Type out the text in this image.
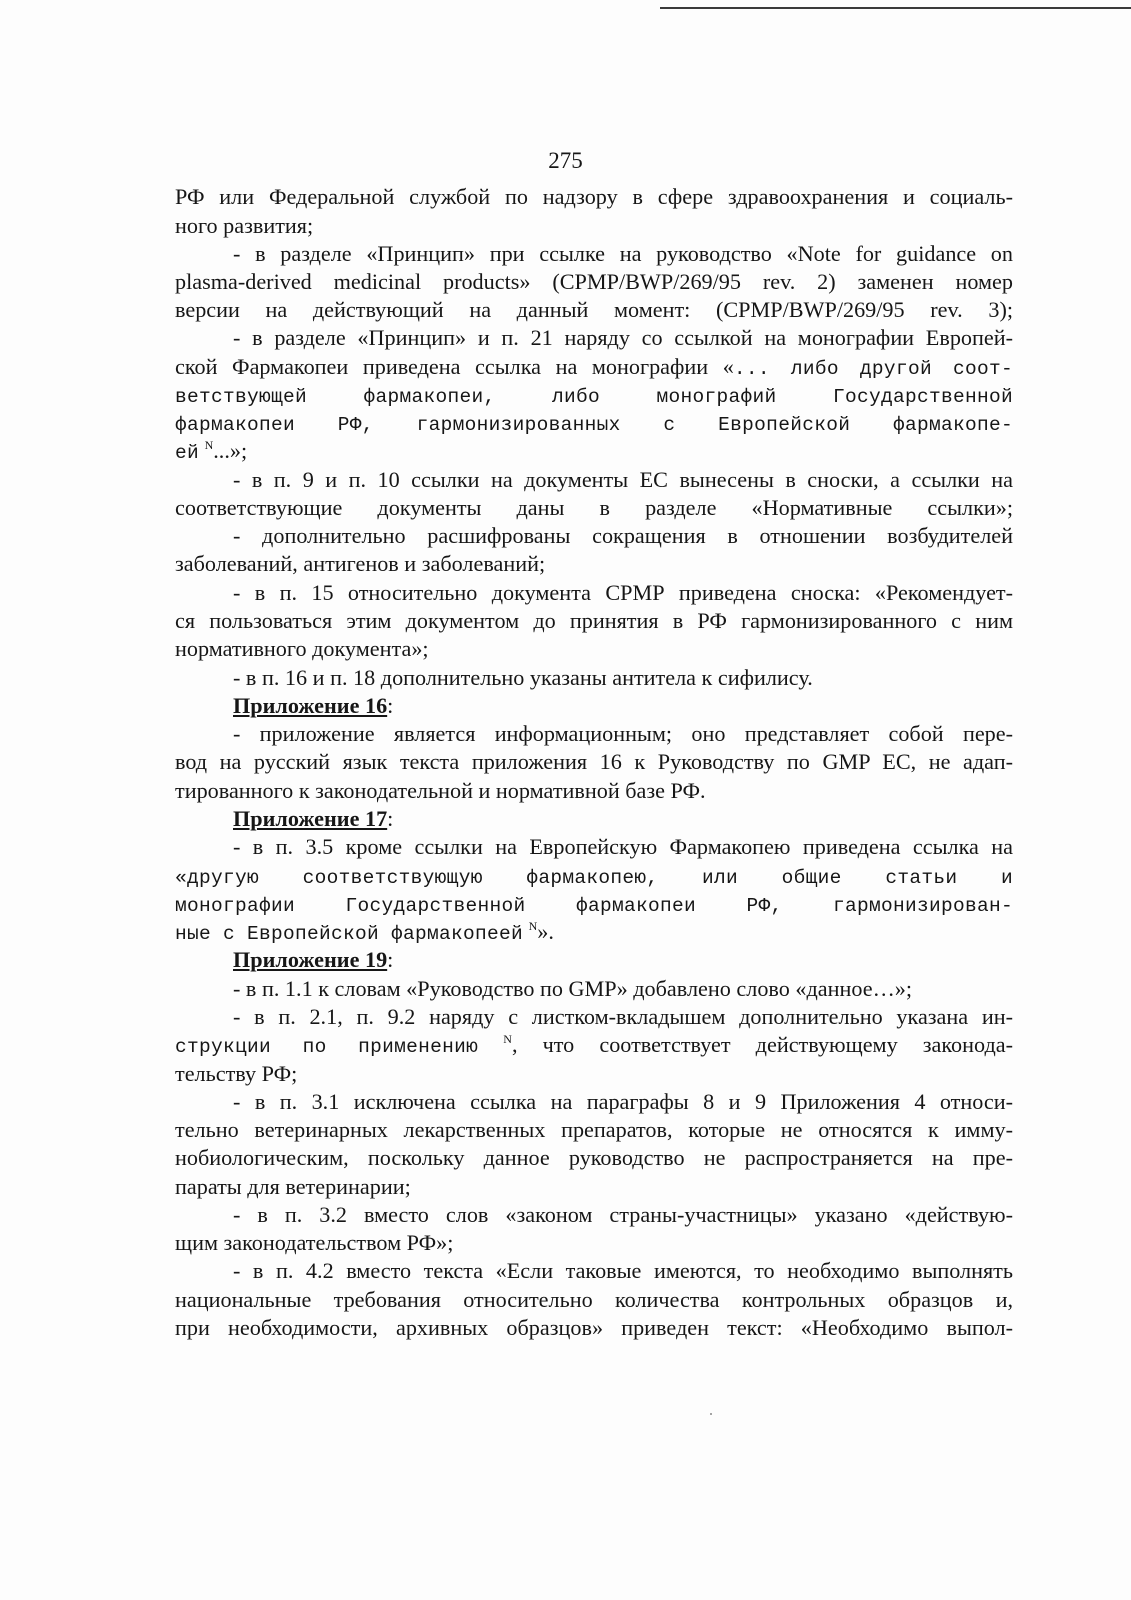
275
РФ или Федеральной службой по надзору в сфере здравоохранения и социаль-
ного развития;
- в разделе «Принцип» при ссылке на руководство «Note for guidance on
plasma-derived medicinal products» (CPMP/BWP/269/95 rev. 2) заменен номер
версии на действующий на данный момент: (CPMP/BWP/269/95 rev. 3);
- в разделе «Принцип» и п. 21 наряду со ссылкой на монографии Европей-
ской Фармакопеи приведена ссылка на монографии «... либо другой соот-
ветствующей фармакопеи, либо монографий Государственной
фармакопеи РФ, гармонизированных с Европейской фармакопе-
ей $^N$...»;
- в п. 9 и п. 10 ссылки на документы ЕС вынесены в сноски, а ссылки на
соответствующие документы даны в разделе «Нормативные ссылки»;
- дополнительно расшифрованы сокращения в отношении возбудителей
заболеваний, антигенов и заболеваний;
- в п. 15 относительно документа СРМР приведена сноска: «Рекомендует-
ся пользоваться этим документом до принятия в РФ гармонизированного с ним
нормативного документа»;
- в п. 16 и п. 18 дополнительно указаны антитела к сифилису.
Приложение 16:
- приложение является информационным; оно представляет собой пере-
вод на русский язык текста приложения 16 к Руководству по GMP ЕС, не адап-
тированного к законодательной и нормативной базе РФ.
Приложение 17:
- в п. 3.5 кроме ссылки на Европейскую Фармакопею приведена ссылка на
«другую соответствующую фармакопею, или общие статьи и
монографии Государственной фармакопеи РФ, гармонизирован-
ные с Европейской фармакопеей $^N$».
Приложение 19:
- в п. 1.1 к словам «Руководство по GMP» добавлено слово «данное…»;
- в п. 2.1, п. 9.2 наряду с листком-вкладышем дополнительно указана ин-
струкции по применению $^N$, что соответствует действующему законода-
тельству РФ;
- в п. 3.1 исключена ссылка на параграфы 8 и 9 Приложения 4 относи-
тельно ветеринарных лекарственных препаратов, которые не относятся к имму-
нобиологическим, поскольку данное руководство не распространяется на пре-
параты для ветеринарии;
- в п. 3.2 вместо слов «законом страны-участницы» указано «действую-
щим законодательством РФ»;
- в п. 4.2 вместо текста «Если таковые имеются, то необходимо выполнять
национальные требования относительно количества контрольных образцов и,
при необходимости, архивных образцов» приведен текст: «Необходимо выпол-
